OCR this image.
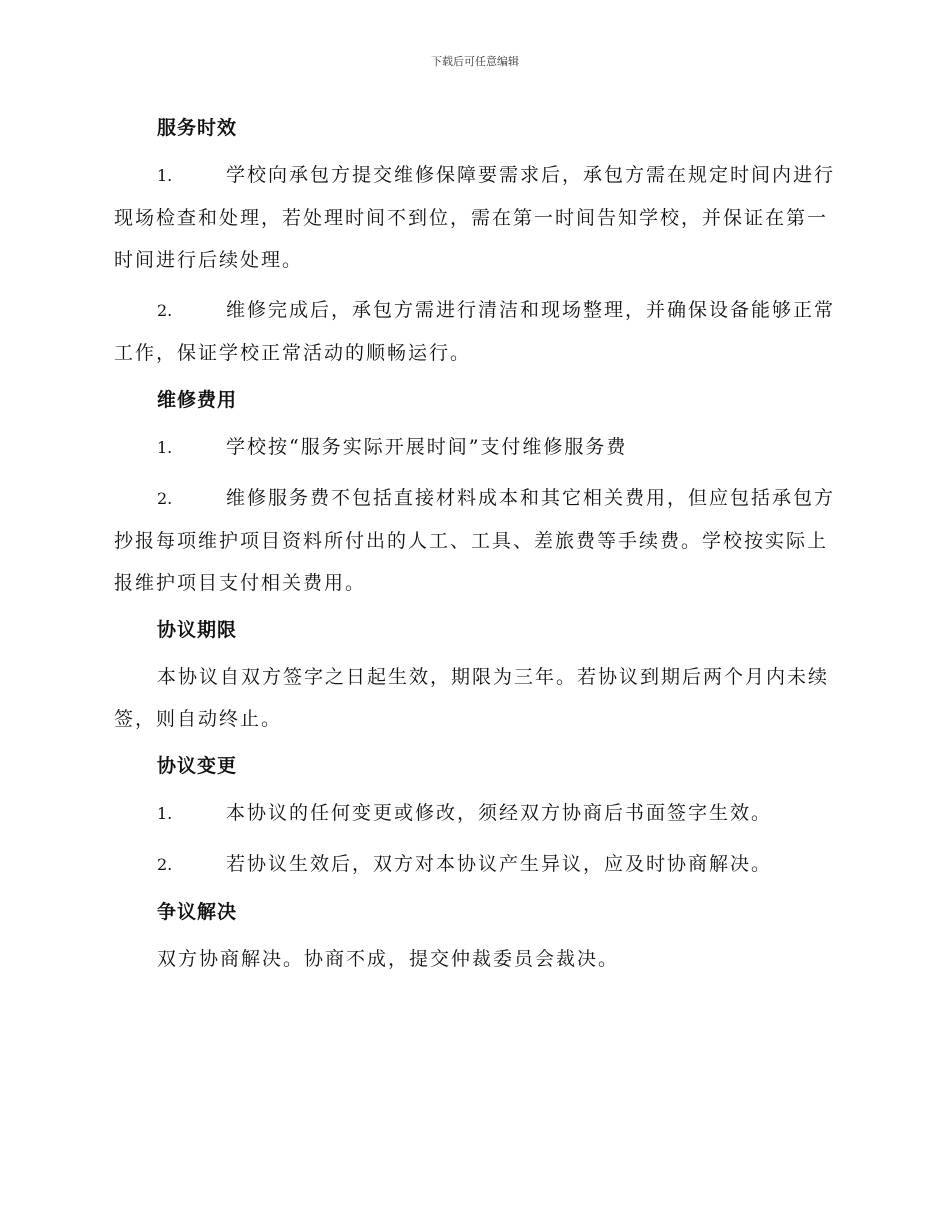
下载后可任意编辑
服务时效
1.	学校向承包方提交维修保障要需求后，承包方需在规定时间内进行现场检查和处理，若处理时间不到位，需在第一时间告知学校，并保证在第一时间进行后续处理。
2.	维修完成后，承包方需进行清洁和现场整理，并确保设备能够正常工作，保证学校正常活动的顺畅运行。
维修费用
1.	学校按“服务实际开展时间”支付维修服务费
2.	维修服务费不包括直接材料成本和其它相关费用，但应包括承包方抄报每项维护项目资料所付出的人工、工具、差旅费等手续费。学校按实际上报维护项目支付相关费用。
协议期限
本协议自双方签字之日起生效，期限为三年。若协议到期后两个月内未续签，则自动终止。
协议变更
1.	本协议的任何变更或修改，须经双方协商后书面签字生效。
2.	若协议生效后，双方对本协议产生异议，应及时协商解决。
争议解决
双方协商解决。协商不成，提交仲裁委员会裁决。
